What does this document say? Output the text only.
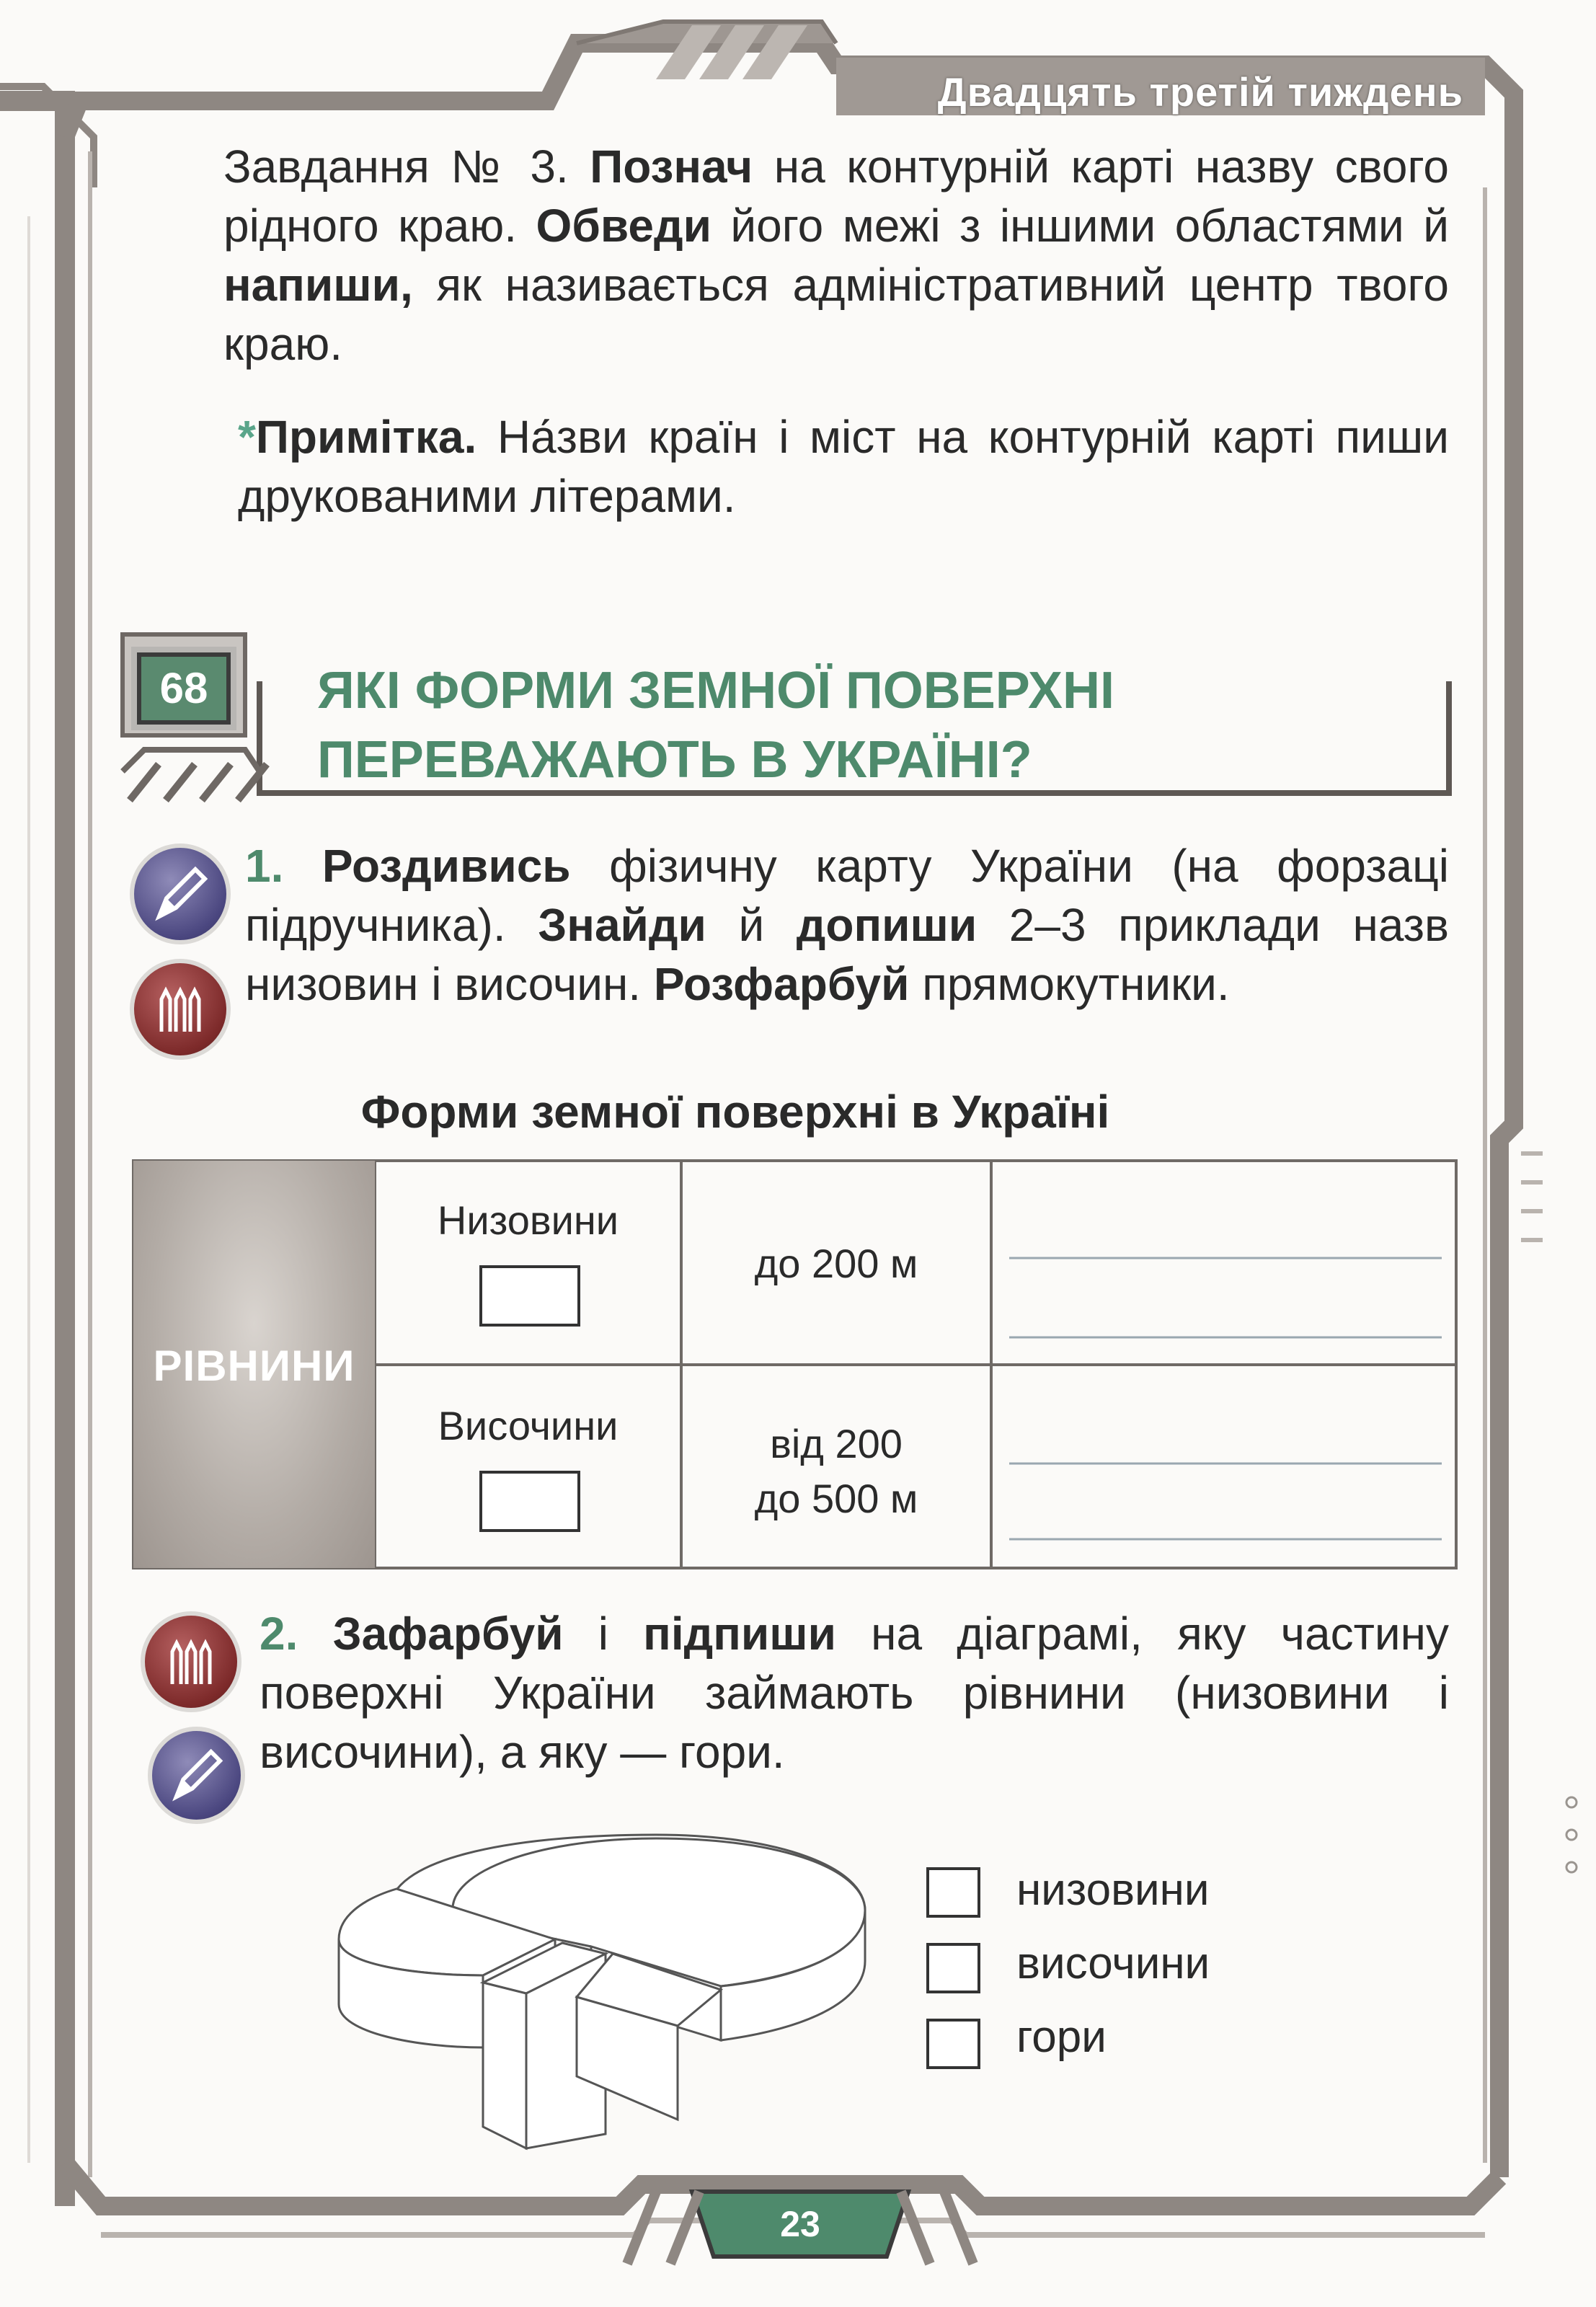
Двадцять третій тиждень
Завдання № 3. Познач на контурній карті назву свого рідного краю. Обведи його межі з іншими областями й напиши, як називається адміністративний центр твого краю.
*Примітка. На́зви країн і міст на контурній карті пиши друкованими літерами.
68	ЯКІ ФОРМИ ЗЕМНОЇ ПОВЕРХНІ
ПЕРЕВАЖАЮТЬ В УКРАЇНІ?
1. Роздивись фізичну карту України (на форзаці підручника). Знайди й допиши 2–3 приклади назв низовин і височин. Розфарбуй прямокутники.
Форми земної поверхні в Україні
РІВНИНИ
Низовини
до 200 м
Височини	від 200
до 500 м
2. Зафарбуй і підпиши на діаграмі, яку частину поверхні України займають рівнини (низовини і височини), а яку — гори.
низовини
височини
гори
23
